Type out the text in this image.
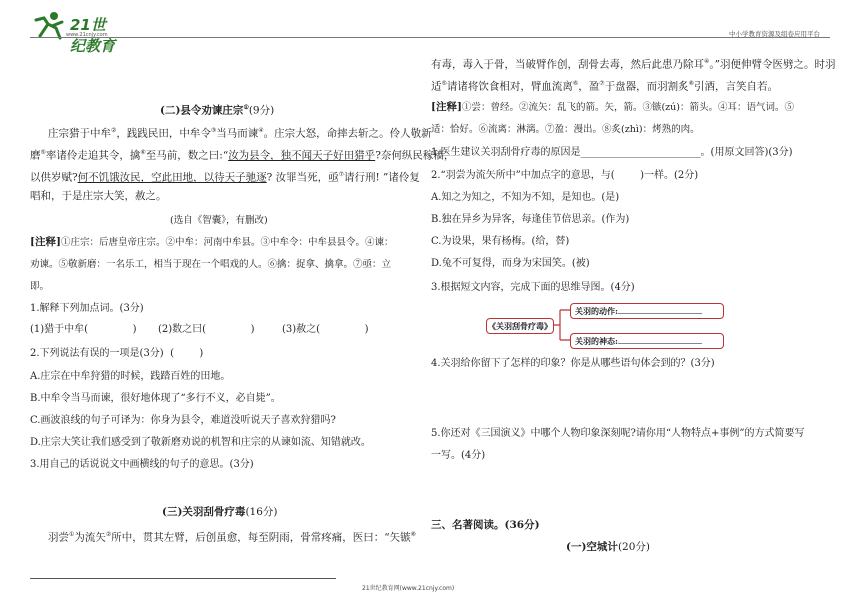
21世纪教育
www.21cnjy.com	中小学教育资源及组卷应用平台
(二)县令劝谏庄宗①(9分)
庄宗猎于中牟②，践践民田，中牟令③当马而谏④。庄宗大怒，命摔去斩之。伶人敬新
磨⑤率诸伶走追其令，擒⑥至马前，数之曰:“汝为县令，独不闻天子好田猎乎?奈何纵民稼穑，
以供岁赋?何不饥饿汝民，空此田地，以待天子驰逐? 汝罪当死，亟⑦请行刑! ”诸伶复
唱和，于是庄宗大笑，赦之。
(选自《智囊》，有删改)
[注释]①庄宗：后唐皇帝庄宗。②中牟：河南中牟县。③中牟令：中牟县县令。④谏：
劝谏。⑤敬新磨：一名乐工，相当于现在一个唱戏的人。⑥擒：捉拿、擒拿。⑦亟：立
即。
1.解释下列加点词。(3分)
(1)猎于中牟(              ) (2)数之曰(              )	(3)赦之(              )
2.下列说法有误的一项是(3分)  (        )
A.庄宗在中牟狩猎的时候，践踏百姓的田地。
B.中牟令当马而谏，很好地体现了“多行不义，必自毙”。
C.画波浪线的句子可译为：你身为县令，难道没听说天子喜欢狩猎吗?
D.庄宗大笑让我们感受到了敬新磨劝说的机智和庄宗的从谏如流、知错就改。
3.用自己的话说说文中画横线的句子的意思。(3分)
(三)关羽刮骨疗毒(16分)
羽尝①为流矢②所中，贯其左臂，后创虽愈，每至阴雨，骨常疼痛，医曰：“矢镞⑧
有毒，毒入于骨，当破臂作创，刮骨去毒，然后此患乃除耳④。”羽便伸臂令医劈之。时羽
适⑤请诸将饮食相对，臂血流离⑥，盈⑦于盘器，而羽割炙⑧引酒，言笑自若。
[注释]①尝：曾经。②流矢：乱飞的箭。矢，箭。③镞(zú)：箭头。④耳：语气词。⑤
适：恰好。⑥流离：淋漓。⑦盈：漫出。⑧炙(zhì)：烤熟的肉。
1.医生建议关羽刮骨疗毒的原因是________________________。(用原文回答)(3分)
2.“羽尝为流矢所中”中加点字的意思，与(        )一样。(2分)
A.知之为知之，不知为不知，是知也。(是)
B.独在异乡为异客，每逢佳节倍思亲。(作为)
C.为设果，果有杨梅。(给，替)
D.兔不可复得，而身为宋国笑。(被)
3.根据短文内容，完成下面的思维导图。(4分)
《关羽刮骨疗毒》
关羽的动作:
关羽的神态:
4.关羽给你留下了怎样的印象？你是从哪些语句体会到的？(3分)
5.你还对《三国演义》中哪个人物印象深刻呢?请你用“人物特点+事例”的方式简要写
一写。(4分)
三、名著阅读。(36分)
(一)空城计(20分)
21世纪教育网(www.21cnjy.com)
